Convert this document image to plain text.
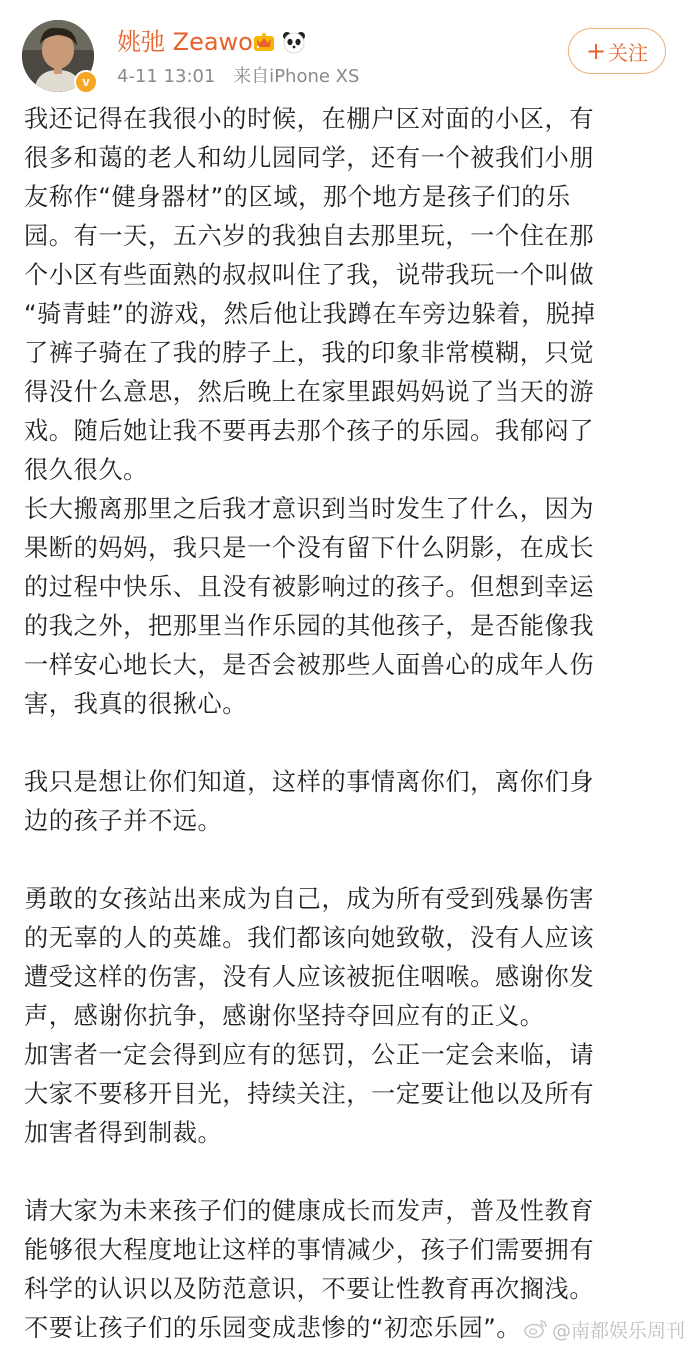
v
姚弛 Zeawo
4-11 13:01 来自iPhone XS
+ 关注
我还记得在我很小的时候，在棚户区对面的小区，有
很多和蔼的老人和幼儿园同学，还有一个被我们小朋
友称作“健身器材”的区域，那个地方是孩子们的乐
园。有一天，五六岁的我独自去那里玩，一个住在那
个小区有些面熟的叔叔叫住了我，说带我玩一个叫做
“骑青蛙”的游戏，然后他让我蹲在车旁边躲着，脱掉
了裤子骑在了我的脖子上，我的印象非常模糊，只觉
得没什么意思，然后晚上在家里跟妈妈说了当天的游
戏。随后她让我不要再去那个孩子的乐园。我郁闷了
很久很久。
长大搬离那里之后我才意识到当时发生了什么，因为
果断的妈妈，我只是一个没有留下什么阴影，在成长
的过程中快乐、且没有被影响过的孩子。但想到幸运
的我之外，把那里当作乐园的其他孩子，是否能像我
一样安心地长大，是否会被那些人面兽心的成年人伤
害，我真的很揪心。
我只是想让你们知道，这样的事情离你们，离你们身
边的孩子并不远。
勇敢的女孩站出来成为自己，成为所有受到残暴伤害
的无辜的人的英雄。我们都该向她致敬，没有人应该
遭受这样的伤害，没有人应该被扼住咽喉。感谢你发
声，感谢你抗争，感谢你坚持夺回应有的正义。
加害者一定会得到应有的惩罚，公正一定会来临，请
大家不要移开目光，持续关注，一定要让他以及所有
加害者得到制裁。
请大家为未来孩子们的健康成长而发声，普及性教育
能够很大程度地让这样的事情减少，孩子们需要拥有
科学的认识以及防范意识，不要让性教育再次搁浅。
不要让孩子们的乐园变成悲惨的“初恋乐园”。	@南都娱乐周刊
